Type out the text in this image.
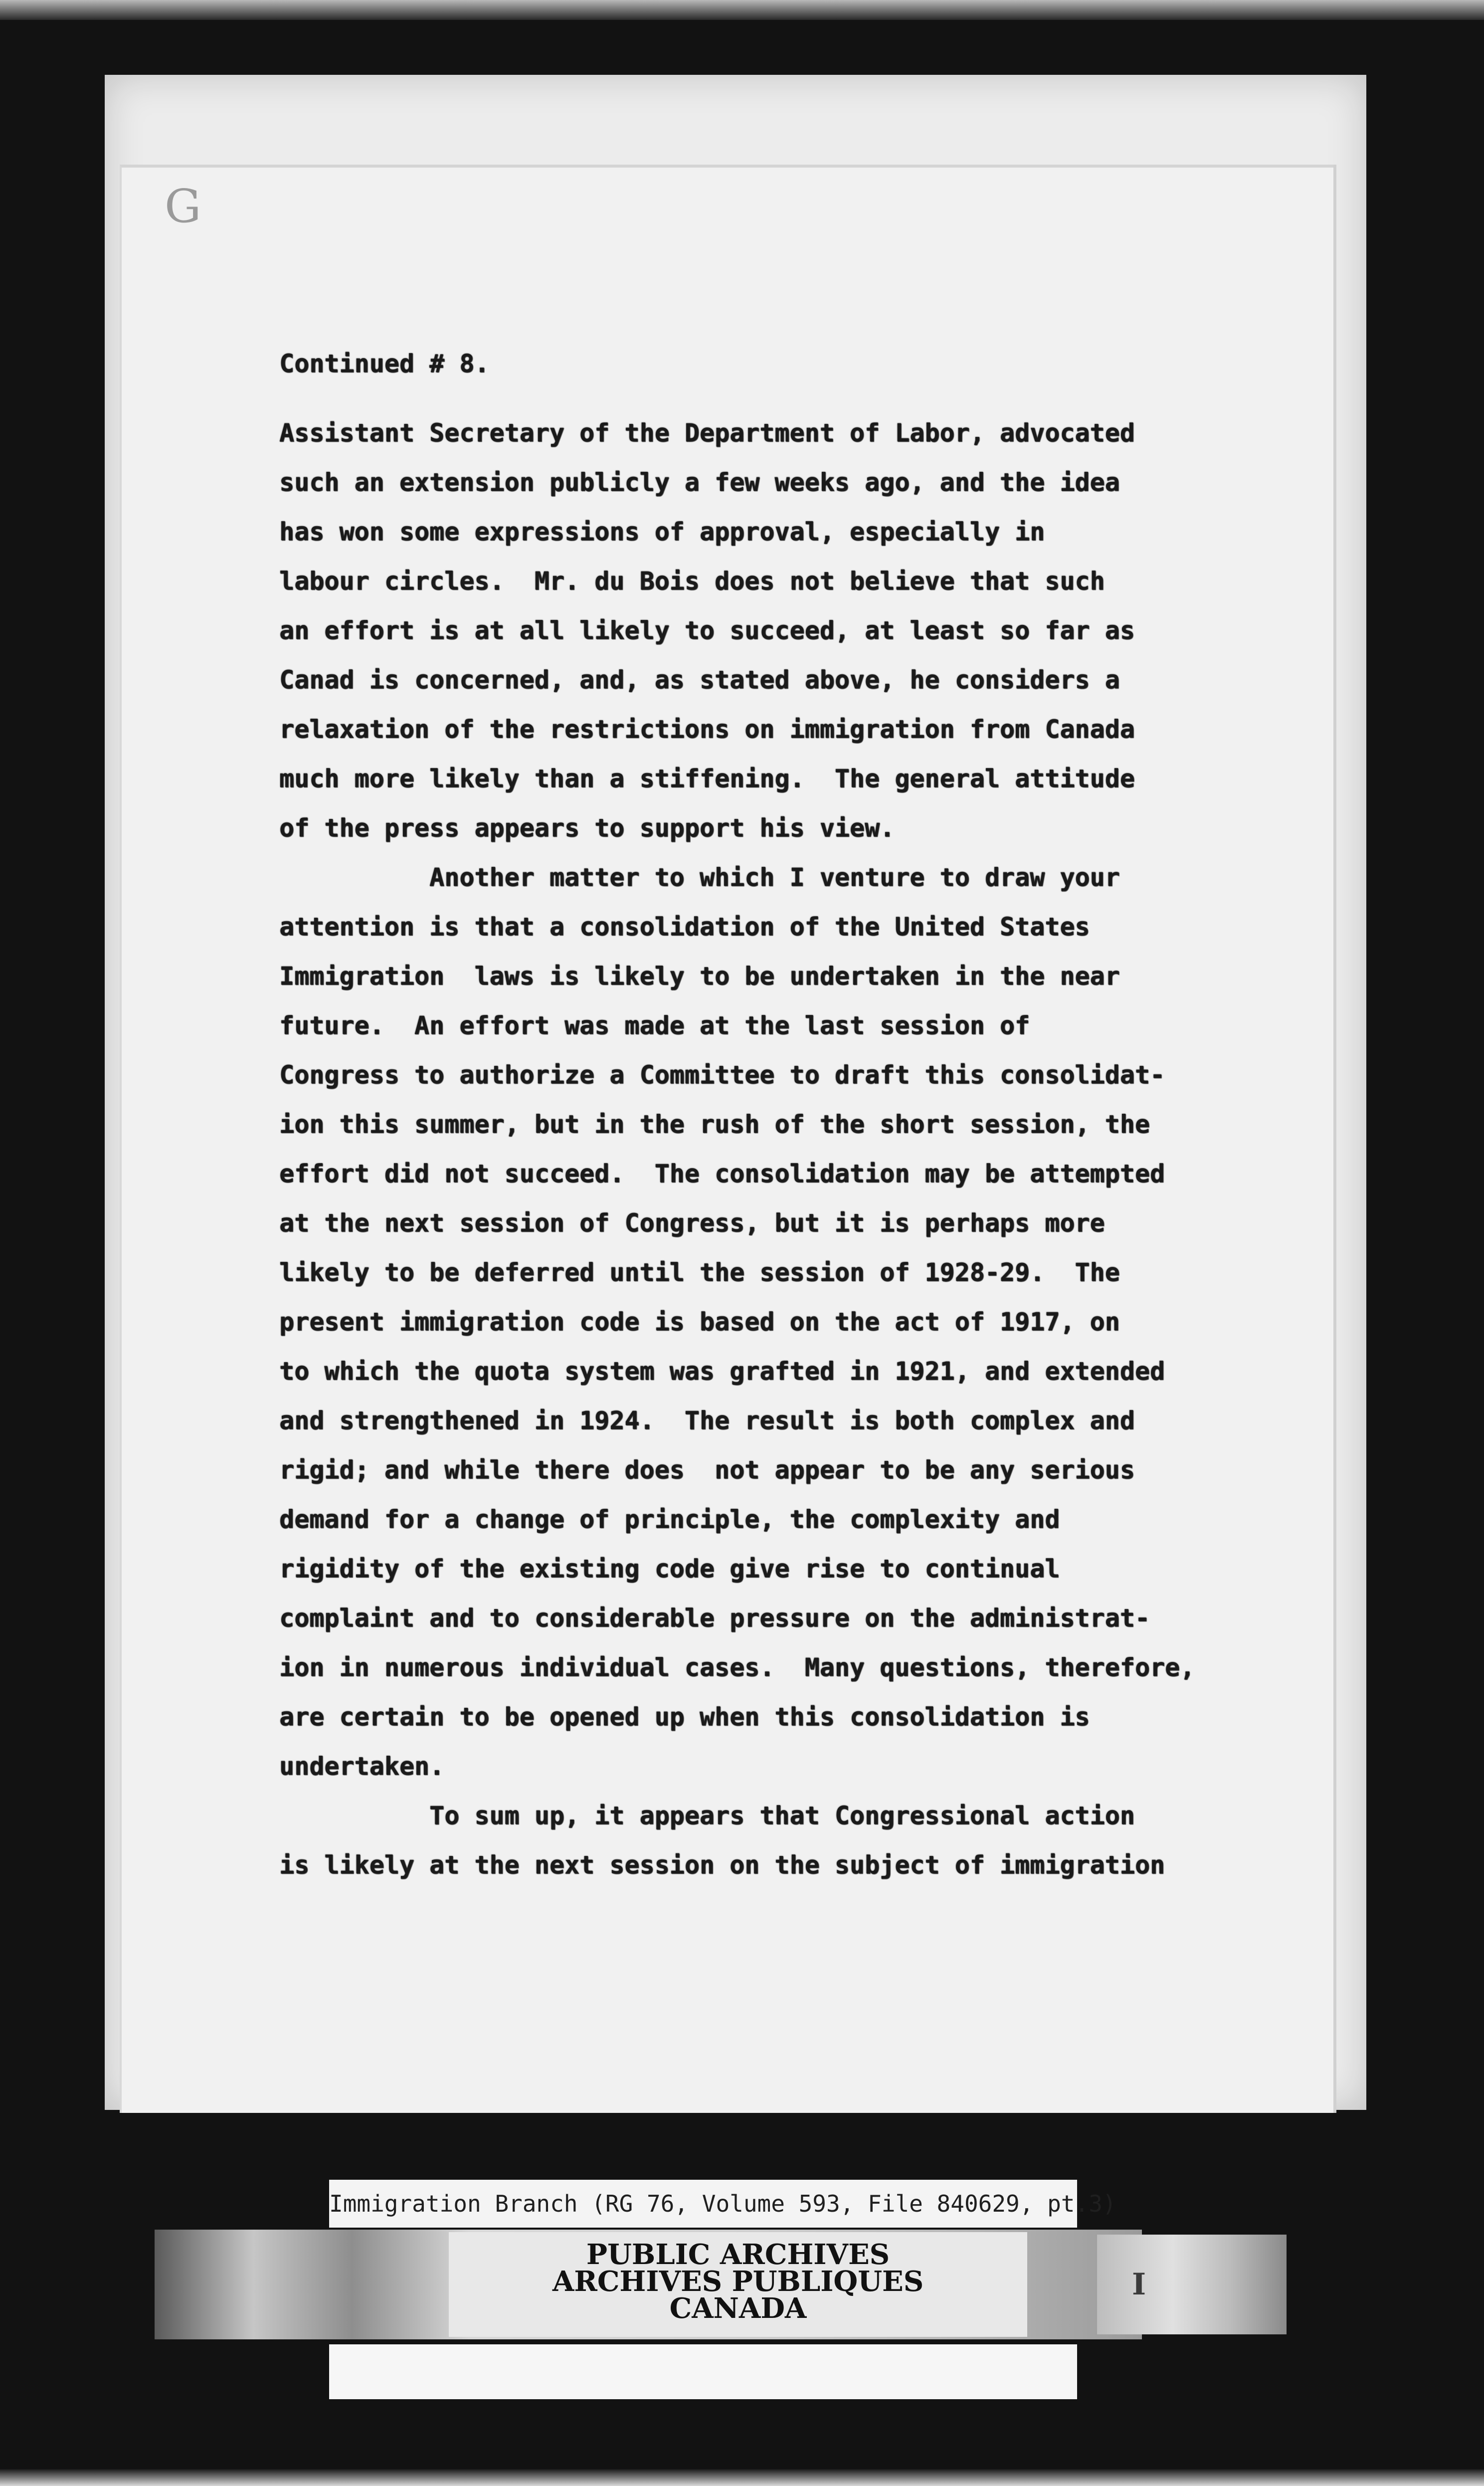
G
Continued # 8.
Assistant Secretary of the Department of Labor, advocated
such an extension publicly a few weeks ago, and the idea
has won some expressions of approval, especially in
labour circles.  Mr. du Bois does not believe that such
an effort is at all likely to succeed, at least so far as
Canad is concerned, and, as stated above, he considers a
relaxation of the restrictions on immigration from Canada
much more likely than a stiffening.  The general attitude
of the press appears to support his view.
Another matter to which I venture to draw your
attention is that a consolidation of the United States
Immigration  laws is likely to be undertaken in the near
future.  An effort was made at the last session of
Congress to authorize a Committee to draft this consolidat-
ion this summer, but in the rush of the short session, the
effort did not succeed.  The consolidation may be attempted
at the next session of Congress, but it is perhaps more
likely to be deferred until the session of 1928-29.  The
present immigration code is based on the act of 1917, on
to which the quota system was grafted in 1921, and extended
and strengthened in 1924.  The result is both complex and
rigid; and while there does  not appear to be any serious
demand for a change of principle, the complexity and
rigidity of the existing code give rise to continual
complaint and to considerable pressure on the administrat-
ion in numerous individual cases.  Many questions, therefore,
are certain to be opened up when this consolidation is
undertaken.
To sum up, it appears that Congressional action
is likely at the next session on the subject of immigration
Immigration Branch (RG 76, Volume 593, File 840629, pt.3)
I
PUBLIC ARCHIVES
ARCHIVES PUBLIQUES
CANADA
